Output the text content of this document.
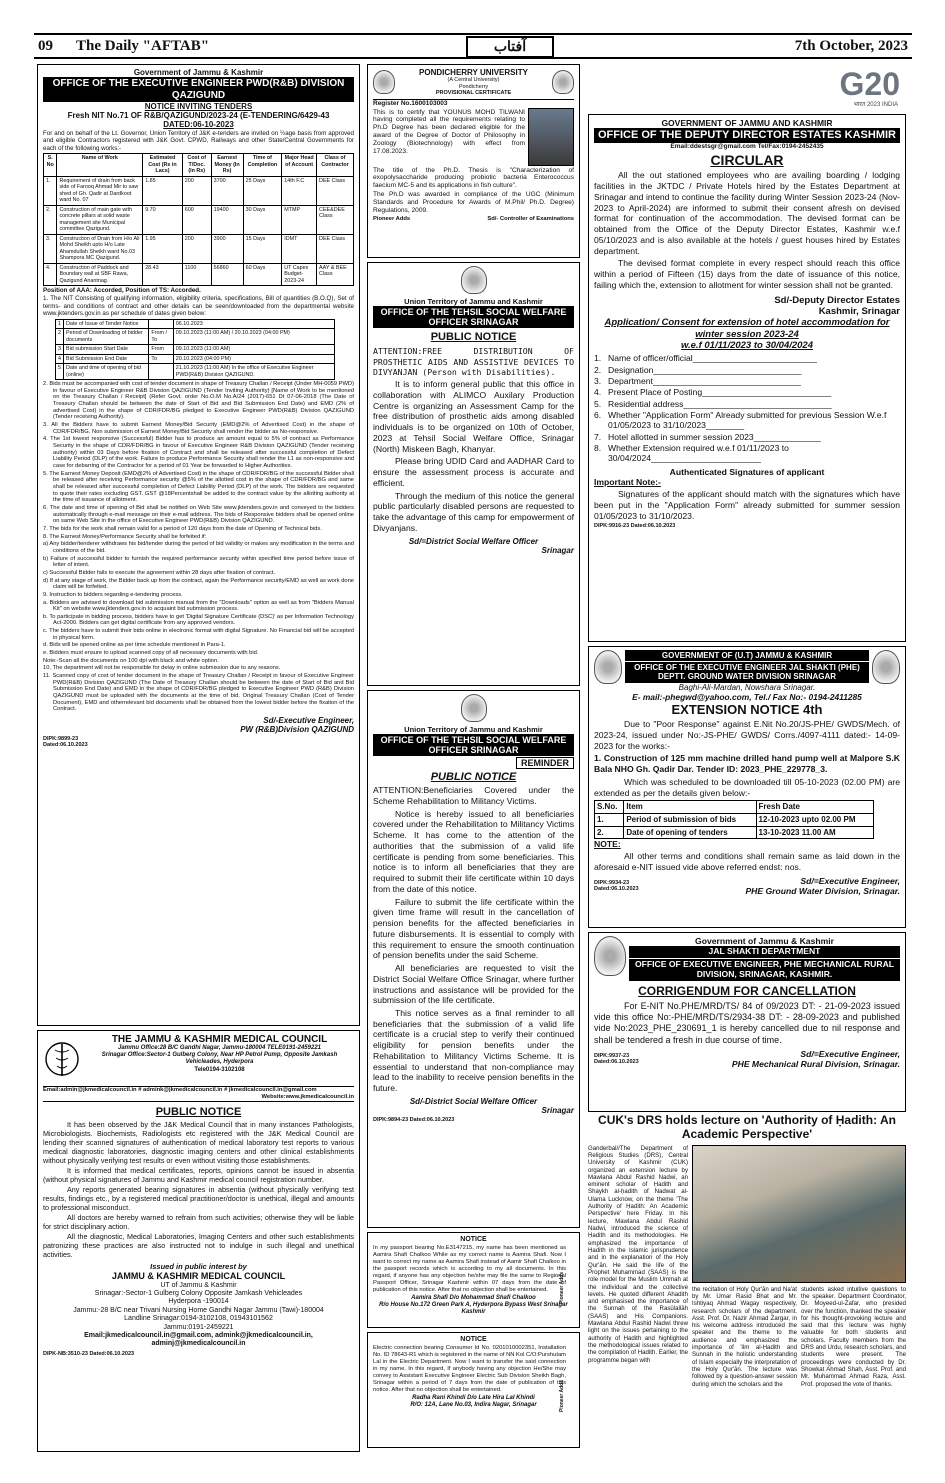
09 The Daily "AFTAB"	آفتاب	7th October, 2023
Government of Jammu & Kashmir
OFFICE OF THE EXECUTIVE ENGINEER PWD(R&B) DIVISION QAZIGUND
NOTICE INVITING TENDERS
Fresh NIT No.71 OF R&B/QAZIGUND/2023-24 (E-TENDERING/6429-43
DATED:06-10-2023
For and on behalf of the Lt. Governor, Union Territory of J&K e-tenders are invited on ½age basis from approved and eligible Contractors registered with J&K Govt. CPWD, Railways and other State/Central Governments for each of the following works:-
S. No	Name of Work	Estimated Cost (Rs in Lacs)	Cost of T/Doc. (In Rs)	Earnest Money (In Rs)	Time of Completion	Major Head of Account	Class of Contractor
1.	Requirement of drain from back side of Farooq Ahmad Mir to saw shed of Gh. Qadir at Dardkoot ward No. 07	1.85	200	3700	25 Days	14th F.C	DEE Class
2.	Construction of main gate with concrete pillars at solid waste management site Municipal committee Qazigund.	9.70	600	19400	30 Days	MTMP	CEE&DEE Class
3.	Construction of Drain from H/o Ali Mohd Sheikh upto H/o Late Ahamdullah Sheikh ward No.03 Shampora MC Qazigund.	1.95	200	3900	15 Days	IDMT	DEE Class
4.	Construction of Paddock and Boundary wall at SBF Rawa, Qazigund Anantnag.	28.43	1100	56860	60 Days	UT Capex Budget-2023-24	AAY & BEE Class
Position of AAA: Accorded, Position of TS: Accorded.
1. The NIT Consisting of qualifying information, eligibility criteria, specifications, Bill of quantities (B.O.Q), Set of terms- and conditions of contract and other details can be seen/downloaded from the departmental website www.jktenders.gov.in as per schedule of dates given below:
1	Date of Issue of Tender Notice		06.10.2023
2	Period of Downloading of bidder documents	From / To	09.10.2023 (11:00 AM) / 20.10.2023 (04:00 PM)
3	Bid submission Start Date	From	09.10.2023 (11:00 AM)
4	Bid Submission End Date	To	20.10.2023 (04:00 PM)
5	Date and time of opening of bid (online)		21.10.2023 (11:00 AM) In the office of Executive Engineer PWD(R&B) Division QAZIGUND.
2. Bids must be accompanied with cost of tender document in shape of Treasury Challan / Receipt (Under MH-0059 PWD) in favour of Executive Engineer R&B Division QAZIGUND (Tender Inviting Authority) [Name of Work to be mentioned on the Treasury Challan / Receipt] (Refer Govt. order No.O.M No.A/24 (2017)-651 Dt 07-06-2018 (The Date of Treasury Challan should be between the date of Start of Bid and Bid Submission End Date) and EMD (2% of advertised Cost) in the shape of CDR/FDR/BG pledged to Executive Engineer PWD(R&B) Division QAZIGUND (Tender receiving Authority).
3. All the Bidders have to submit Earnest Money/Bid Security (EMD@2% of Advertised Cost) in the shape of CDR/FDR/BG. Non submission of Earnest Money/Bid Security shall render the bidder as No-responsive.
4. The 1st lowest responsive (Successful) Bidder has to produce an amount equal to 5% of contract as Performance Security in the shape of CDR/FDR/BG in favour of Executive Engineer R&B Division QAZIGUND (Tender receiving authority) within 03 Days before fixation of Contract and shall be released after successful completion of Defect Liability Period (DLP) of the work. Failure to produce Performance Security shall render the L1 as non-responsive and case for debarring of the Contractor for a period of 01 Year be forwarded to Higher Authorities.
5. The Earnest Money Deposit (EMD@2% of Advertised Cost) in the shape of CDR/FDR/BG of the successful Bidder shall be released after receiving Performance security @5% of the allotted cost in the shape of CDR/FDR/BG and same shall be released after successful completion of Defect Liability Period (DLP) of the work. The bidders are requested to quote their rates excluding GST. GST @18Percentshall be added to the contract value by the allotting authority at the time of issuance of allotment.
6. The date and time of opening of Bid shall be notified on Web Site www.jktenders.gov.in and conveyed to the bidders automatically through e-mail message on their e-mail address. The bids of Responsive bidders shall be opened online on same Web Site in the office of Executive Engineer PWD(R&B) Division QAZIGUND.
7. The bids for the work shall remain valid for a period of 120 days from the date of Opening of Technical bids.
8. The Earnest Money/Performance Security shall be forfeited if:
a) Any bidder/tenderer withdraws his bid/tender during the period of bid validity or makes any modification in the terms and conditions of the bid.
b) Failure of successful bidder to furnish the required performance security within specified time period before issue of letter of intent.
c) Successful Bidder fails to execute the agreement within 28 days after fixation of contract.
d) If at any stage of work, the Bidder back up from the contract, again the Performance security/EMD as well as work done claim will be forfeited.
9. Instruction to bidders regarding e-tendering process.
a. Bidders are advised to download bid submission manual from the "Downloads" option as well as from "Bidders Manual Kit" on website www.jktenders.gov.in to acquaint bid submission process.
b. To participate in bidding process, bidders have to get 'Digital Signature Certificate (DSC)' as per Information Technology Act-2000. Bidders can get digital certificate from any approved vendors.
c. The bidders have to submit their bids online in electronic format with digital Signature. No Financial bid will be accepted in physical form.
d. Bids will be opened online as per time schedule mentioned in Para-1.
e. Bidders must ensure to upload scanned copy of all necessary documents with bid.
Note:-Scan all the documents on 100 dpi with black and white option.
10. The department will not be responsible for delay in online submission due to any reasons.
11. Scanned copy of cost of tender document in the shape of Treasury Challan / Receipt in favour of Executive Engineer PWD(R&B) Division QAZIGUND (The Date of Treasury Challan should be between the date of Start of Bid and Bid Submission End Date) and EMD in the shape of CDR/FDR/BG pledged to Executive Engineer PWD (R&B) Division QAZIGUND must be uploaded with the documents at the time of bid. Original Treasury Challan (Cost of Tender Document), EMD and otherrelevant bid documents shall be obtained from the lowest bidder before the fixation of the Contract.
Sd/-Executive Engineer,
PW (R&B)Division QAZIGUND
DIPK:9899-23
Dated:06.10.2023
THE JAMMU & KASHMIR MEDICAL COUNCIL
Jammu Office:28 B/C Gandhi Nagar, Jammu-180004 TELE0191-2459221
Srinagar Office:Sector-1 Gulberg Colony, Near HP Petrol Pump, Opposite Jamkash Vehicleades, Hyderpora
Tele0194-3102108
Email:admin@jkmedicalcouncil.in # admink@jkmedicalcouncil.in # jkmedicalcouncil.in@gmail.com
Website:www.jkmedicalcouncil.in
PUBLIC NOTICE
It has been observed by the J&K Medical Council that in many instances Pathologists, Microbiologists. Biochemists, Radiologists etc registered with the J&K Medical Council are lending their scanned signatures of authentication of medical laboratory test reports to various medical diagnostic laboratories, diagnostic imaging centers and other clinical establishments without physically verifying test results or even without visiting those establishments.
It is informed that medical certificates, reports, opinions cannot be issued in absentia (without physical signatures of Jammu and Kashmir medical council registration number.
Any reports generated bearing signatures in absentia (without physically verifying test results, findings etc., by a registered medical practitioner/doctor is unethical, illegal and amounts to professional misconduct.
All doctors are hereby warned to refrain from such activities; otherwise they will be liable for strict disciplinary action.
All the diagnostic, Medical Laboratories, Imaging Centers and other such establishments patronizing these practices are also instructed not to indulge in such illegal and unethical activities.
Issued in public interest by
JAMMU & KASHMIR MEDICAL COUNCIL
UT of Jammu & Kashmir
Srinagar:-Sector-1 Gulberg Colony Opposite Jamkash Vehicleades
Hyderpora -190014
Jammu:-28 B/C near Trivani Nursing Home Gandhi Nagar Jammu (Tawi)-180004
Landline Srinagar:0194-3102108, 01943101562
Jammu:0191-2459221
Email:jkmedicalcouncil.in@gmail.com, admink@jkmedicalcouncil.in,
adminj@jkmedicalcouncil.in
DIPK-NB:3510-23 Dated:06.10.2023
PONDICHERRY UNIVERSITY
(A Central University)
Pondicherry
PROVISIONAL CERTIFICATE
Register No.1600103003
This is to certify that YOUNUS MOHD TILWANI having completed all the requirements relating to Ph.D Degree has been declared eligible for the award of the Degree of Doctor of Philosophy in Zoology (Biotechnology) with effect from 17.08.2023.
The title of the Ph.D. Thesis is "Characterization of exopolysaccharide producing probiotic bacteria Enterococcus faecium MC-5 and its applications in fish culture".
The Ph.D was awarded in compliance of the UGC (Minimum Standards and Procedure for Awards of M.Phil/ Ph.D. Degree) Regulations, 2009.
Pioneer Adds	Sd/- Controller of Examinations
Union Territory of Jammu and Kashmir
OFFICE OF THE TEHSIL SOCIAL WELFARE OFFICER SRINAGAR
PUBLIC NOTICE
ATTENTION:FREE DISTRIBUTION OF PROSTHETIC AIDS AND ASSISTIVE DEVICES TO DIVYANJAN (Person with Disabilities).
It is to inform general public that this office in collaboration with ALIMCO Auxilary Production Centre is organizing an Assessment Camp for the free distribution of prosthetic aids among disabled individuals is to be organized on 10th of October, 2023 at Tehsil Social Welfare Office, Srinagar (North) Miskeen Bagh, Khanyar.
Please bring UDID Card and AADHAR Card to ensure the assessment process is accurate and efficient.
Through the medium of this notice the general public particularly disabled persons are requested to take the advantage of this camp for empowerment of Divyanjans.
Sd/=District Social Welfare Officer
Srinagar
Union Territory of Jammu and Kashmir
OFFICE OF THE TEHSIL SOCIAL WELFARE OFFICER SRINAGAR
REMINDER
PUBLIC NOTICE
ATTENTION:Beneficiaries Covered under the Scheme Rehabilitation to Militancy Victims.
Notice is hereby issued to all beneficiaries covered under the Rehabilitation to Militancy Victims Scheme. It has come to the attention of the authorities that the submission of a valid life certificate is pending from some beneficiaries. This notice is to inform all beneficiaries that they are required to submit their life certificate within 10 days from the date of this notice.
Failure to submit the life certificate within the given time frame will result in the cancellation of pension benefits for the affected beneficiaries in future disbursements. It is essential to comply with this requirement to ensure the smooth continuation of pension benefits under the said Scheme.
All beneficiaries are requested to visit the District Social Welfare Office Srinagar, where further instructions and assistance will be provided for the submission of the life certificate.
This notice serves as a final reminder to all beneficiaries that the submission of a valid life certificate is a crucial step to verify their continued eligibility for pension benefits under the Rehabilitation to Militancy Victims Scheme. It is essential to understand that non-compliance may lead to the inability to receive pension benefits in the future.
Sd/-District Social Welfare Officer
Srinagar
DIPK:9894-23 Dated:06.10.2023
NOTICE
In my passport bearing No.E3147215, my name has been mentioned as Aamira Shafi Chalkoo While as my correct name is Aamira Shafi. Now I want to correct my name as Aamira Shafi instead of Aamir Shafi Chalkoo in the passport records which is according to my all documents. In this regard, if anyone has any objection he/she may file the same to Regional Passport Officer, Srinagar Kashmir within 07 days from the date of publication of this notice. After that no objection shall be entertained.
Aamira Shafi D/o Mohammad Shafi Chalkoo
R/o House No.172 Green Park A, Hyderpora Bypass West Srinagar Kashmir
Pioneer Adds
NOTICE
Electric connection bearing Consumer Id No. 0201010002351, Installation No. ID 78643-R1 which is registered in the name of NN Kol C/O:Purshutam Lal in the Electric Department. Now I want to transfer the said connection in my name. In this regard, If anybody having any objection He/She may convey to Assistant Executive Engineer Electric Sub Division Sheikh Bagh, Srinagar within a period of 7 days from the date of publication of this notice. After that no objection shall be entertained.
Radha Rani Khindi D/o Late Hira Lal Khindi
R/O: 12A, Lane No.03, Indira Nagar, Srinagar	Pioneer Adds
G20
भारत 2023 INDIA
GOVERNMENT OF JAMMU AND KASHMIR
OFFICE OF THE DEPUTY DIRECTOR ESTATES KASHMIR
Email:ddestsgr@gmail.com Tel/Fax:0194-2452435
CIRCULAR
All the out stationed employees who are availing boarding / lodging facilities in the JKTDC / Private Hotels hired by the Estates Department at Srinagar and intend to continue the facility during Winter Session 2023-24 (Nov-2023 to April-2024) are informed to submit their consent afresh on devised format for continuation of the accommodation. The devised format can be obtained from the Office of the Deputy Director Estates, Kashmir w.e.f 05/10/2023 and is also available at the hotels / guest houses hired by Estates department.
The devised format complete in every respect should reach this office within a period of Fifteen (15) days from the date of issuance of this notice, failing which the, extension to allotment for winter session shall not be granted.
Sd/-Deputy Director Estates
Kashmir, Srinagar
Application/ Consent for extension of hotel accommodation for winter session 2023-24
w.e.f 01/11/2023 to 30/04/2024
1. Name of officer/official__________________________
2. Designation_______________________________
3. Department_______________________________
4. Present Place of Posting___________________________
5. Residential address_______________________________
6. Whether "Application Form" Already submitted for previous Session W.e.f 01/05/2023 to 31/10/2023________
7. Hotel allotted in summer session 2023______________
8. Whether Extension required w.e.f 01/11/2023 to 30/04/2024_______________________
Authenticated Signatures of applicant
Important Note:-
Signatures of the applicant should match with the signatures which have been put in the "Application Form" already submitted for summer session 01/05/2023 to 31/10/2023.
DIPK:9916-23 Dated:06.10.2023
GOVERNMENT OF (U.T) JAMMU & KASHMIR
OFFICE OF THE EXECUTIVE ENGINEER JAL SHAKTI (PHE) DEPTT. GROUND WATER DIVISION SRINAGAR
Baghi-Ali-Mardan, Nowshara Srinagar.
E- mail:-phegwd@yahoo.com, Tel./ Fax No:- 0194-2411285
EXTENSION NOTICE 4th
Due to "Poor Response" against E.Nit No.20/JS-PHE/ GWDS/Mech. of 2023-24, issued under No:-JS-PHE/ GWDS/ Corrs./4097-4111 dated:- 14-09-2023 for the works:-
1. Construction of 125 mm machine drilled hand pump well at Malpore S.K Bala NHO Gh. Qadir Dar. Tender ID: 2023_PHE_229778_3.
Which was scheduled to be downloaded till 05-10-2023 (02.00 PM) are extended as per the details given below:-
S.No.	Item	Fresh Date
1.	Period of submission of bids	12-10-2023 upto 02.00 PM
2.	Date of opening of tenders	13-10-2023 11.00 AM
NOTE:
All other terms and conditions shall remain same as laid down in the aforesaid e-NIT issued vide above referred endst: nos.
Sd/=Executive Engineer,
PHE Ground Water Division, Srinagar.
DIPK:9934-23
Dated:06.10.2023
Government of Jammu & Kashmir
JAL SHAKTI DEPARTMENT
OFFICE OF EXECUTIVE ENGINEER, PHE MECHANICAL RURAL DIVISION, SRINAGAR, KASHMIR.
CORRIGENDUM FOR CANCELLATION
For E-NIT No.PHE/MRD/TS/ 84 of 09/2023 DT: - 21-09-2023 issued vide this office No:-PHE/MRD/TS/2934-38 DT: - 28-09-2023 and published vide No:2023_PHE_230691_1 is hereby cancelled due to nil response and shall be tendered a fresh in due course of time.
Sd/=Executive Engineer,
PHE Mechanical Rural Division, Srinagar.
DIPK:9937-23
Dated:06.10.2023
CUK's DRS holds lecture on 'Authority of Ḥadith: An Academic Perspective'
Ganderbal//The Department of Religious Studies (DRS), Central University of Kashmir (CUK) organized an extension lecture by Mawlana Abdul Rashid Nadwi, an eminent scholar of Ḥadith and Shaykh al-ḥadith of Nadwat al-Ulama Lucknow, on the theme 'The Authority of Ḥadith: An Academic Perspective' here Friday. In his lecture, Mawlana Abdul Rashid Nadwi, introduced the science of Ḥadith and its methodologies. He emphasized the importance of Ḥadith in the Islamic jurisprudence and in the explanation of the Holy Qur'ān. He said the life of the Prophet Muhammad (SAAS) is the role model for the Muslim Ummah at the individual and the collective levels. He quoted different Ahadith and emphasised the importance of the Sunnah of the Rasūlallāh (SAAS) and His Companions. Mawlana Abdul Rashid Nadwi threw light on the issues pertaining to the authority of Ḥadith and highlighted the methodological issues related to the compilation of Ḥadith. Earlier, the programme began with
the recitation of Holy Qur'ān and Na'at by Mr. Umar Rasid Bhat and Mr. Ishtiyaq Ahmad Wagay respectively, research scholars of the department. Asst. Prof. Dr. Nazir Ahmad Zargar, in his welcome address introduced the speaker and the theme to the audience and emphasized the importance of 'ilm al-Ḥadith and Sunnah in the holistic understanding of Islam especially the interpretation of the Holy Qur'ān. The lecture was followed by a question-answer session during which the scholars and the
students asked intuitive questions to the speaker. Department Coordinator, Dr. Moyeed-ul-Zafar, who presided over the function, thanked the speaker for his thought-provoking lecture and said that this lecture was highly valuable for both students and scholars. Faculty members from the DRS and Urdu, research scholars, and students were present. The proceedings were conducted by Dr. Showkat Ahmad Shah, Asst. Prof. and Mr. Muhammad Ahmad Raza, Asst. Prof. proposed the vote of thanks.
